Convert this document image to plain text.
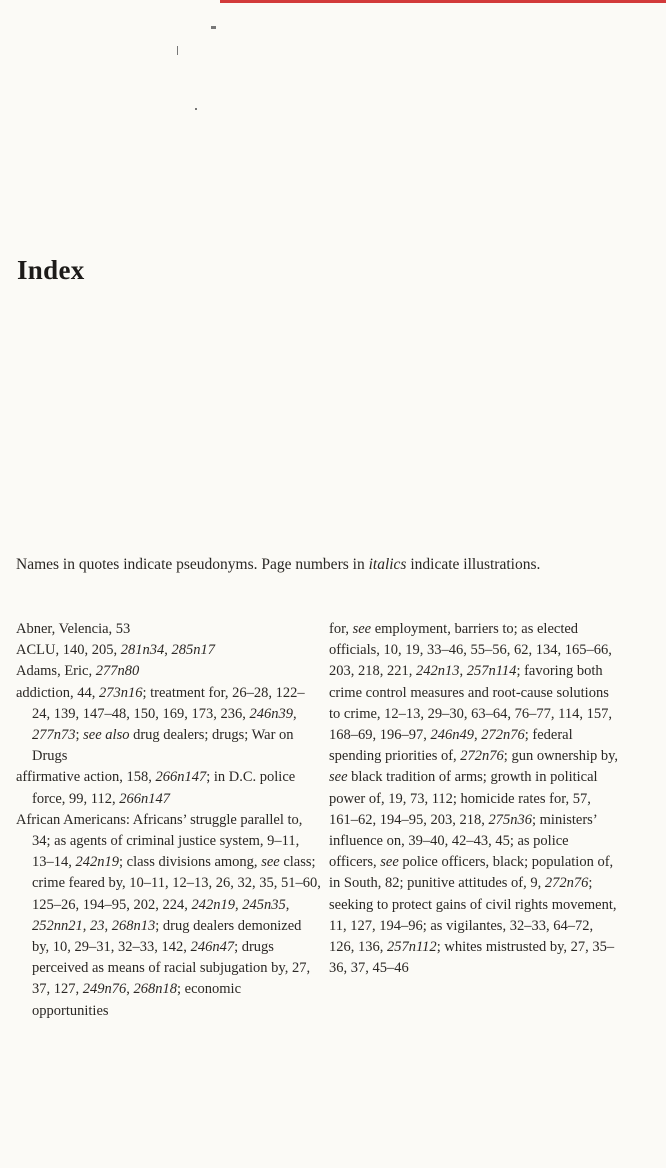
Index

Names in quotes indicate pseudonyms. Page numbers in italics indicate illustrations.

Abner, Velencia, 53
ACLU, 140, 205, 281n34, 285n17
Adams, Eric, 277n80
addiction, 44, 273n16; treatment for, 26–28, 122–24, 139, 147–48, 150, 169, 173, 236, 246n39, 277n73; see also drug dealers; drugs; War on Drugs
affirmative action, 158, 266n147; in D.C. police force, 99, 112, 266n147
African Americans: Africans’ struggle parallel to, 34; as agents of criminal justice system, 9–11, 13–14, 242n19; class divisions among, see class; crime feared by, 10–11, 12–13, 26, 32, 35, 51–60, 125–26, 194–95, 202, 224, 242n19, 245n35, 252nn21, 23, 268n13; drug dealers demonized by, 10, 29–31, 32–33, 142, 246n47; drugs perceived as means of racial subjugation by, 27, 37, 127, 249n76, 268n18; economic opportunities
for, see employment, barriers to; as elected officials, 10, 19, 33–46, 55–56, 62, 134, 165–66, 203, 218, 221, 242n13, 257n114; favoring both crime control measures and root-cause solutions to crime, 12–13, 29–30, 63–64, 76–77, 114, 157, 168–69, 196–97, 246n49, 272n76; federal spending priorities of, 272n76; gun ownership by, see black tradition of arms; growth in political power of, 19, 73, 112; homicide rates for, 57, 161–62, 194–95, 203, 218, 275n36; ministers’ influence on, 39–40, 42–43, 45; as police officers, see police officers, black; population of, in South, 82; punitive attitudes of, 9, 272n76; seeking to protect gains of civil rights movement, 11, 127, 194–96; as vigilantes, 32–33, 64–72, 126, 136, 257n112; whites mistrusted by, 27, 35–36, 37, 45–46
